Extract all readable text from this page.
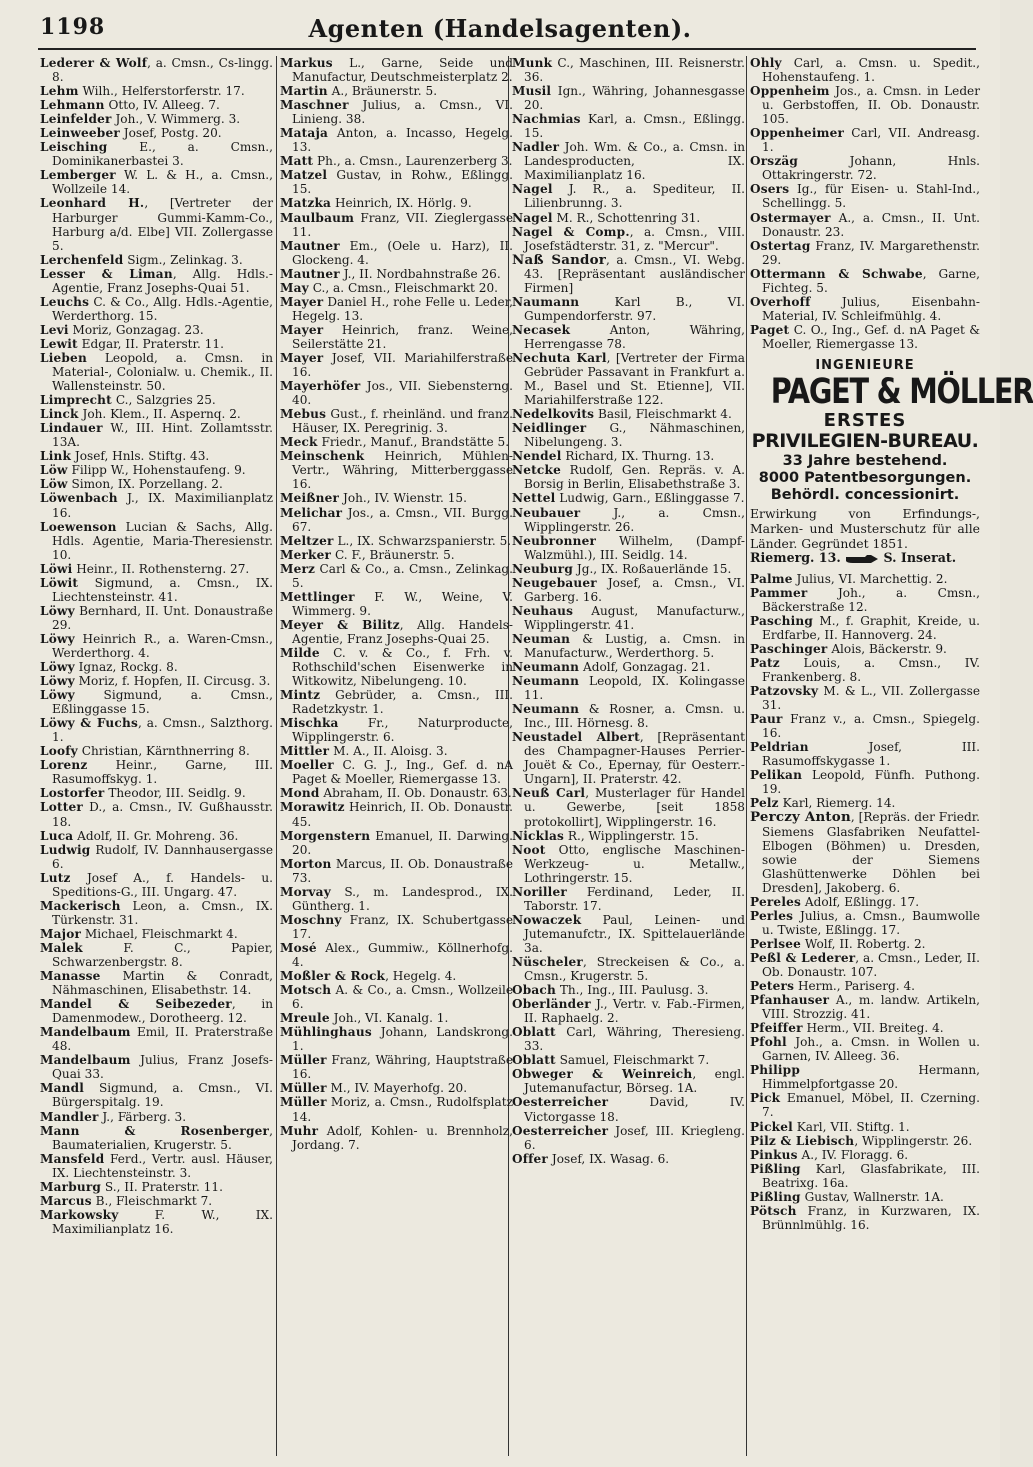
1198	Agenten (Handelsagenten).

Lederer & Wolf, a. Cmsn., Cs-lingg. 8.

Lehm Wilh., Helferstorferstr. 17.

Lehmann Otto, IV. Alleeg. 7.

Leinfelder Joh., V. Wimmerg. 3.

Leinweeber Josef, Postg. 20.

Leisching E., a. Cmsn., Dominikanerbastei 3.

Lemberger W. L. & H., a. Cmsn., Wollzeile 14.

Leonhard H., [Vertreter der Harburger Gummi-Kamm-Co., Harburg a/d. Elbe] VII. Zollergasse 5.

Lerchenfeld Sigm., Zelinkag. 3.

Lesser & Liman, Allg. Hdls.-Agentie, Franz Josephs-Quai 51.

Leuchs C. & Co., Allg. Hdls.-Agentie, Werderthorg. 15.

Levi Moriz, Gonzagag. 23.

Lewit Edgar, II. Praterstr. 11.

Lieben Leopold, a. Cmsn. in Material-, Colonialw. u. Chemik., II. Wallensteinstr. 50.

Limprecht C., Salzgries 25.

Linck Joh. Klem., II. Aspernq. 2.

Lindauer W., III. Hint. Zollamtsstr. 13A.

Link Josef, Hnls. Stiftg. 43.

Löw Filipp W., Hohenstaufeng. 9.

Löw Simon, IX. Porzellang. 2.

Löwenbach J., IX. Maximilianplatz 16.

Loewenson Lucian & Sachs, Allg. Hdls. Agentie, Maria-Theresienstr. 10.

Löwi Heinr., II. Rothensterng. 27.

Löwit Sigmund, a. Cmsn., IX. Liechtensteinstr. 41.

Löwy Bernhard, II. Unt. Donaustraße 29.

Löwy Heinrich R., a. Waren-Cmsn., Werderthorg. 4.

Löwy Ignaz, Rockg. 8.

Löwy Moriz, f. Hopfen, II. Circusg. 3.

Löwy Sigmund, a. Cmsn., Eßlinggasse 15.

Löwy & Fuchs, a. Cmsn., Salzthorg. 1.

Loofy Christian, Kärnthnerring 8.

Lorenz Heinr., Garne, III. Rasumoffskyg. 1.

Lostorfer Theodor, III. Seidlg. 9.

Lotter D., a. Cmsn., IV. Gußhausstr. 18.

Luca Adolf, II. Gr. Mohreng. 36.

Ludwig Rudolf, IV. Dannhausergasse 6.

Lutz Josef A., f. Handels- u. Speditions-G., III. Ungarg. 47.

Mackerisch Leon, a. Cmsn., IX. Türkenstr. 31.

Major Michael, Fleischmarkt 4.

Malek F. C., Papier, Schwarzenbergstr. 8.

Manasse Martin & Conradt, Nähmaschinen, Elisabethstr. 14.

Mandel & Seibezeder, in Damenmodew., Dorotheerg. 12.

Mandelbaum Emil, II. Praterstraße 48.

Mandelbaum Julius, Franz Josefs-Quai 33.

Mandl Sigmund, a. Cmsn., VI. Bürgerspitalg. 19.

Mandler J., Färberg. 3.

Mann & Rosenberger, Baumaterialien, Krugerstr. 5.

Mansfeld Ferd., Vertr. ausl. Häuser, IX. Liechtensteinstr. 3.

Marburg S., II. Praterstr. 11.

Marcus B., Fleischmarkt 7.

Markowsky F. W., IX. Maximilianplatz 16.

Markus L., Garne, Seide und Manufactur, Deutschmeisterplatz 2.

Martin A., Bräunerstr. 5.

Maschner Julius, a. Cmsn., VI. Linieng. 38.

Mataja Anton, a. Incasso, Hegelg. 13.

Matt Ph., a. Cmsn., Laurenzerberg 3.

Matzel Gustav, in Rohw., Eßlingg. 15.

Matzka Heinrich, IX. Hörlg. 9.

Maulbaum Franz, VII. Zieglergasse 11.

Mautner Em., (Oele u. Harz), II. Glockeng. 4.

Mautner J., II. Nordbahnstraße 26.

May C., a. Cmsn., Fleischmarkt 20.

Mayer Daniel H., rohe Felle u. Leder, Hegelg. 13.

Mayer Heinrich, franz. Weine, Seilerstätte 21.

Mayer Josef, VII. Mariahilferstraße 16.

Mayerhöfer Jos., VII. Siebensterng. 40.

Mebus Gust., f. rheinländ. und franz. Häuser, IX. Peregrinig. 3.

Meck Friedr., Manuf., Brandstätte 5.

Meinschenk Heinrich, Mühlen-Vertr., Währing, Mitterberggasse 16.

Meißner Joh., IV. Wienstr. 15.

Melichar Jos., a. Cmsn., VII. Burgg. 67.

Meltzer L., IX. Schwarzspanierstr. 5.

Merker C. F., Bräunerstr. 5.

Merz Carl & Co., a. Cmsn., Zelinkag. 5.

Mettlinger F. W., Weine, V. Wimmerg. 9.

Meyer & Bilitz, Allg. Handels-Agentie, Franz Josephs-Quai 25.

Milde C. v. & Co., f. Frh. v. Rothschild'schen Eisenwerke in Witkowitz, Nibelungeng. 10.

Mintz Gebrüder, a. Cmsn., III. Radetzkystr. 1.

Mischka Fr., Naturproducte, Wipplingerstr. 6.

Mittler M. A., II. Aloisg. 3.

Moeller C. G. J., Ing., Gef. d. nA Paget & Moeller, Riemergasse 13.

Mond Abraham, II. Ob. Donaustr. 63.

Morawitz Heinrich, II. Ob. Donaustr. 45.

Morgenstern Emanuel, II. Darwing. 20.

Morton Marcus, II. Ob. Donaustraße 73.

Morvay S., m. Landesprod., IX. Güntherg. 1.

Moschny Franz, IX. Schubertgasse 17.

Mosé Alex., Gummiw., Köllnerhofg. 4.

Moßler & Rock, Hegelg. 4.

Motsch A. & Co., a. Cmsn., Wollzeile 6.

Mreule Joh., VI. Kanalg. 1.

Mühlinghaus Johann, Landskrong. 1.

Müller Franz, Währing, Hauptstraße 16.

Müller M., IV. Mayerhofg. 20.

Müller Moriz, a. Cmsn., Rudolfsplatz 14.

Muhr Adolf, Kohlen- u. Brennholz, Jordang. 7.

Munk C., Maschinen, III. Reisnerstr. 36.

Musil Ign., Währing, Johannesgasse 20.

Nachmias Karl, a. Cmsn., Eßlingg. 15.

Nadler Joh. Wm. & Co., a. Cmsn. in Landesproducten, IX. Maximilianplatz 16.

Nagel J. R., a. Spediteur, II. Lilienbrunng. 3.

Nagel M. R., Schottenring 31.

Nagel & Comp., a. Cmsn., VIII. Josefstädterstr. 31, z. "Mercur".

Naß Sandor, a. Cmsn., VI. Webg. 43. [Repräsentant ausländischer Firmen]

Naumann Karl B., VI. Gumpendorferstr. 97.

Necasek Anton, Währing, Herrengasse 78.

Nechuta Karl, [Vertreter der Firma Gebrüder Passavant in Frankfurt a. M., Basel und St. Etienne], VII. Mariahilferstraße 122.

Nedelkovits Basil, Fleischmarkt 4.

Neidlinger G., Nähmaschinen, Nibelungeng. 3.

Nendel Richard, IX. Thurng. 13.

Netcke Rudolf, Gen. Repräs. v. A. Borsig in Berlin, Elisabethstraße 3.

Nettel Ludwig, Garn., Eßlinggasse 7.

Neubauer J., a. Cmsn., Wipplingerstr. 26.

Neubronner Wilhelm, (Dampf-Walzmühl.), III. Seidlg. 14.

Neuburg Jg., IX. Roßauerlände 15.

Neugebauer Josef, a. Cmsn., VI. Garberg. 16.

Neuhaus August, Manufacturw., Wipplingerstr. 41.

Neuman & Lustig, a. Cmsn. in Manufacturw., Werderthorg. 5.

Neumann Adolf, Gonzagag. 21.

Neumann Leopold, IX. Kolingasse 11.

Neumann & Rosner, a. Cmsn. u. Inc., III. Hörnesg. 8.

Neustadel Albert, [Repräsentant des Champagner-Hauses Perrier-Jouët & Co., Epernay, für Oesterr.-Ungarn], II. Praterstr. 42.

Neuß Carl, Musterlager für Handel u. Gewerbe, [seit 1858 protokollirt], Wipplingerstr. 16.

Nicklas R., Wipplingerstr. 15.

Noot Otto, englische Maschinen-Werkzeug- u. Metallw., Lothringerstr. 15.

Noriller Ferdinand, Leder, II. Taborstr. 17.

Nowaczek Paul, Leinen- und Jutemanufctr., IX. Spittelauerlände 3a.

Nüscheler, Streckeisen & Co., a. Cmsn., Krugerstr. 5.

Obach Th., Ing., III. Paulusg. 3.

Oberländer J., Vertr. v. Fab.-Firmen, II. Raphaelg. 2.

Oblatt Carl, Währing, Theresieng. 33.

Oblatt Samuel, Fleischmarkt 7.

Obweger & Weinreich, engl. Jutemanufactur, Börseg. 1A.

Oesterreicher David, IV. Victorgasse 18.

Oesterreicher Josef, III. Kriegleng. 6.

Offer Josef, IX. Wasag. 6.

Ohly Carl, a. Cmsn. u. Spedit., Hohenstaufeng. 1.

Oppenheim Jos., a. Cmsn. in Leder u. Gerbstoffen, II. Ob. Donaustr. 105.

Oppenheimer Carl, VII. Andreasg. 1.

Orszäg Johann, Hnls. Ottakringerstr. 72.

Osers Ig., für Eisen- u. Stahl-Ind., Schellingg. 5.

Ostermayer A., a. Cmsn., II. Unt. Donaustr. 23.

Ostertag Franz, IV. Margarethenstr. 29.

Ottermann & Schwabe, Garne, Fichteg. 5.

Overhoff Julius, Eisenbahn-Material, IV. Schleifmühlg. 4.

Paget C. O., Ing., Gef. d. nA Paget & Moeller, Riemergasse 13.

INGENIEURE
PAGET & MÖLLER
ERSTES
PRIVILEGIEN-BUREAU.
33 Jahre bestehend.
8000 Patentbesorgungen.
Behördl. concessionirt.
Erwirkung von Erfindungs-, Marken- und Musterschutz für alle Länder. Gegründet 1851.
Riemerg. 13.	S. Inserat.

Palme Julius, VI. Marchettig. 2.

Pammer Joh., a. Cmsn., Bäckerstraße 12.

Pasching M., f. Graphit, Kreide, u. Erdfarbe, II. Hannoverg. 24.

Paschinger Alois, Bäckerstr. 9.

Patz Louis, a. Cmsn., IV. Frankenberg. 8.

Patzovsky M. & L., VII. Zollergasse 31.

Paur Franz v., a. Cmsn., Spiegelg. 16.

Peldrian Josef, III. Rasumoffskygasse 1.

Pelikan Leopold, Fünfh. Puthong. 19.

Pelz Karl, Riemerg. 14.

Perczy Anton, [Repräs. der Friedr. Siemens Glasfabriken Neufattel-Elbogen (Böhmen) u. Dresden, sowie der Siemens Glashüttenwerke Döhlen bei Dresden], Jakoberg. 6.

Pereles Adolf, Eßlingg. 17.

Perles Julius, a. Cmsn., Baumwolle u. Twiste, Eßlingg. 17.

Perlsee Wolf, II. Robertg. 2.

Peßl & Lederer, a. Cmsn., Leder, II. Ob. Donaustr. 107.

Peters Herm., Pariserg. 4.

Pfanhauser A., m. landw. Artikeln, VIII. Strozzig. 41.

Pfeiffer Herm., VII. Breiteg. 4.

Pfohl Joh., a. Cmsn. in Wollen u. Garnen, IV. Alleeg. 36.

Philipp Hermann, Himmelpfortgasse 20.

Pick Emanuel, Möbel, II. Czerning. 7.

Pickel Karl, VII. Stiftg. 1.

Pilz & Liebisch, Wipplingerstr. 26.

Pinkus A., IV. Floragg. 6.

Pißling Karl, Glasfabrikate, III. Beatrixg. 16a.

Pißling Gustav, Wallnerstr. 1A.

Pötsch Franz, in Kurzwaren, IX. Brünnlmühlg. 16.
